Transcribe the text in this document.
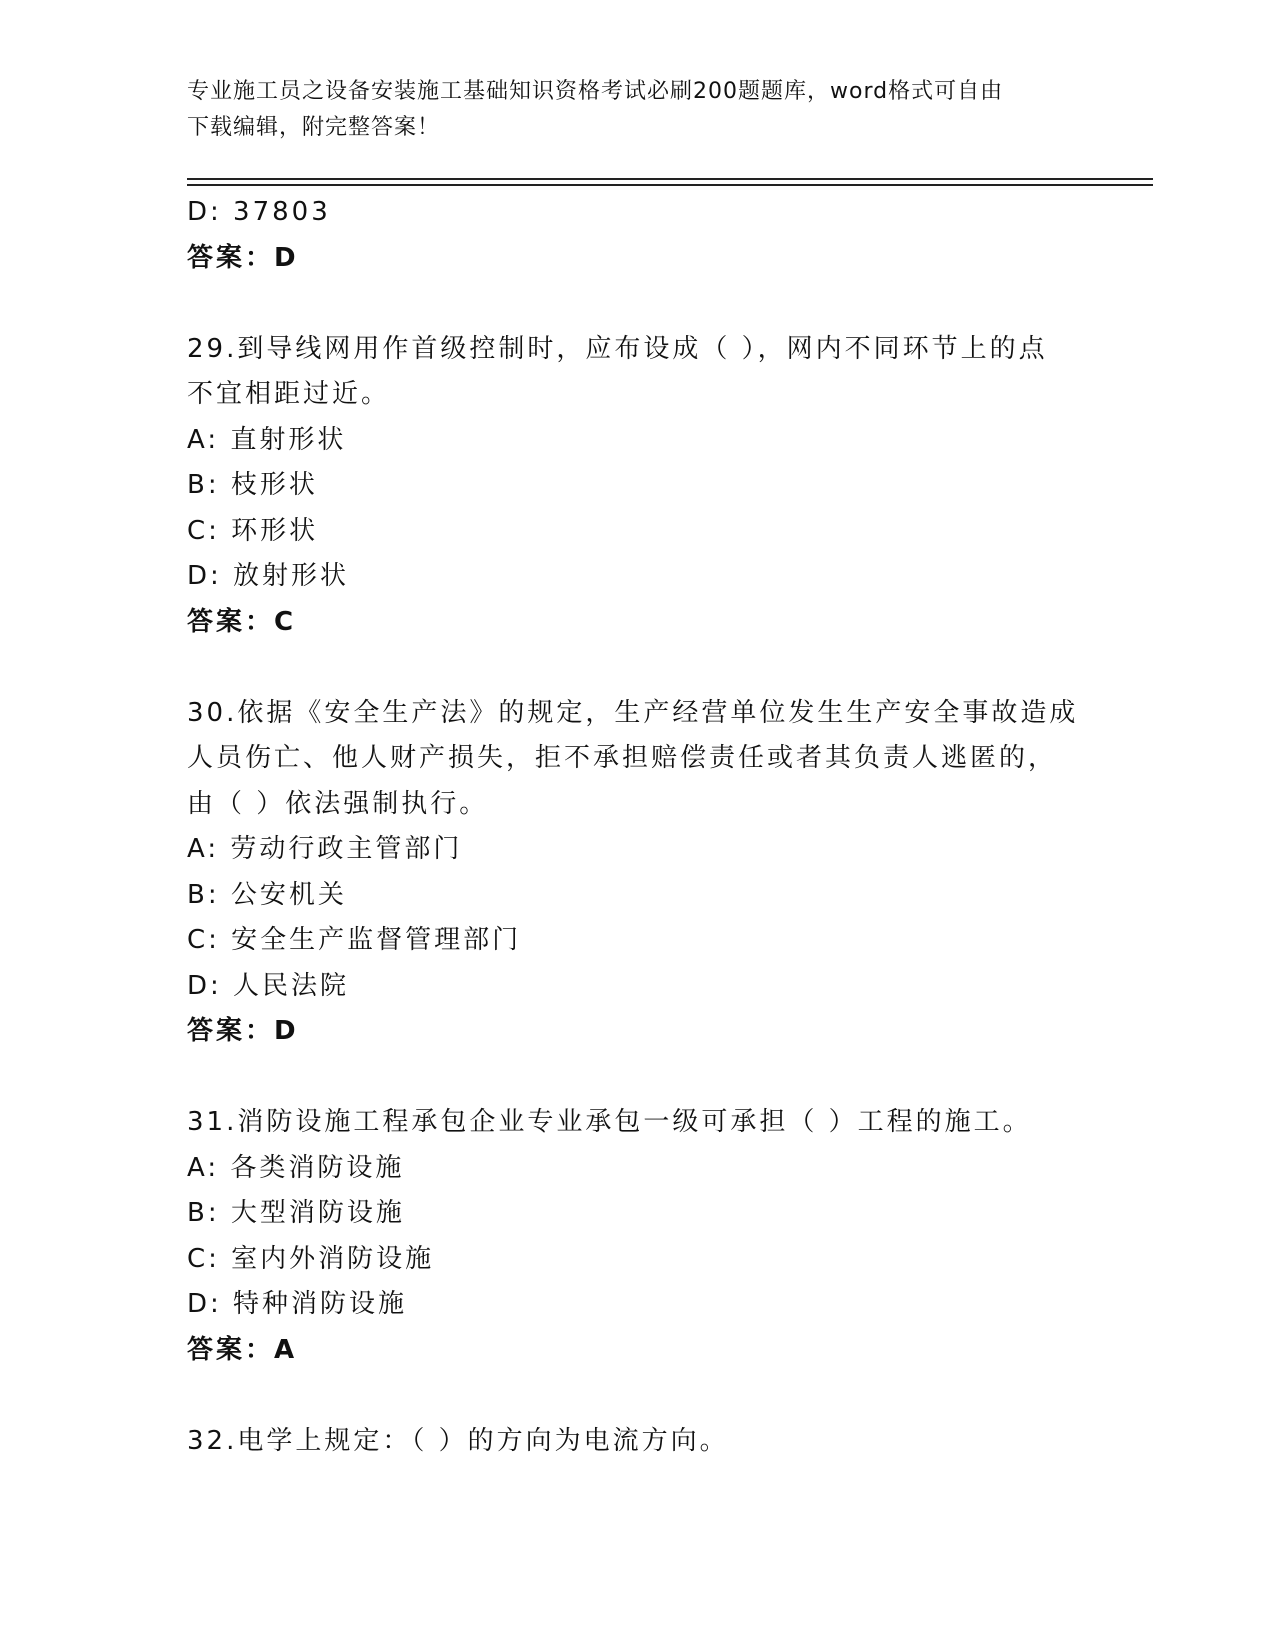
专业施工员之设备安装施工基础知识资格考试必刷200题题库，word格式可自由
下载编辑，附完整答案！
D: 37803
答案：D
29.到导线网用作首级控制时，应布设成（ ），网内不同环节上的点
不宜相距过近。
A: 直射形状
B: 枝形状
C: 环形状
D: 放射形状
答案：C
30.依据《安全生产法》的规定，生产经营单位发生生产安全事故造成
人员伤亡、他人财产损失，拒不承担赔偿责任或者其负责人逃匿的，
由（ ）依法强制执行。
A: 劳动行政主管部门
B: 公安机关
C: 安全生产监督管理部门
D: 人民法院
答案：D
31.消防设施工程承包企业专业承包一级可承担（ ）工程的施工。
A: 各类消防设施
B: 大型消防设施
C: 室内外消防设施
D: 特种消防设施
答案：A
32.电学上规定：（ ）的方向为电流方向。
